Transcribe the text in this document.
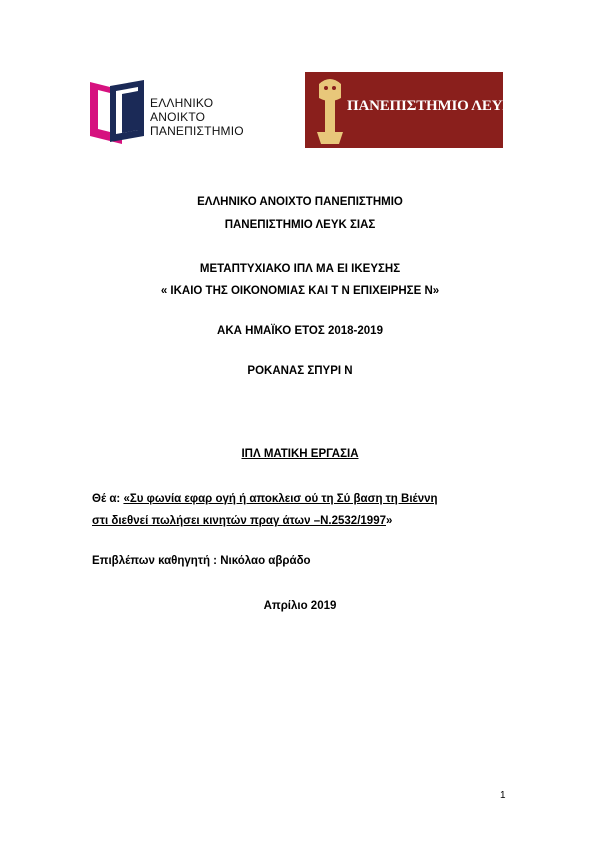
ΕΛΛΗΝΙΚΟ
ΑΝΟΙΚΤΟ
ΠΑΝΕΠΙΣΤΗΜΙΟ
ΠΑΝΕΠΙΣΤΗΜΙΟ ΛΕΥΚΩΣΙΑΣ
ΕΛΛΗΝΙΚΟ ΑΝΟΙΧΤΟ ΠΑΝΕΠΙΣΤΗΜΙΟ
ΠΑΝΕΠΙΣΤΗΜΙΟ ΛΕΥΚ ΣΙΑΣ
ΜΕΤΑΠΤΥΧΙΑΚΟ ΙΠΛ ΜΑ ΕΙ ΙΚΕΥΣΗΣ
« ΙΚΑΙΟ ΤΗΣ ΟΙΚΟΝΟΜΙΑΣ ΚΑΙ Τ Ν ΕΠΙΧΕΙΡΗΣΕ Ν»
ΑΚΑ ΗΜΑΪΚΟ ΕΤΟΣ 2018-2019
ΡΟΚΑΝΑΣ ΣΠΥΡΙ Ν
ΙΠΛ ΜΑΤΙΚΗ ΕΡΓΑΣΙΑ
Θέ α: «Συ φωνία εφαρ ογή ή αποκλεισ ού τη Σύ βαση τη Βιέννη
στι διεθνεί πωλήσει κινητών πραγ άτων –Ν.2532/1997»
Επιβλέπων καθηγητή : Νικόλαο αβράδο
Απρίλιο 2019
1
